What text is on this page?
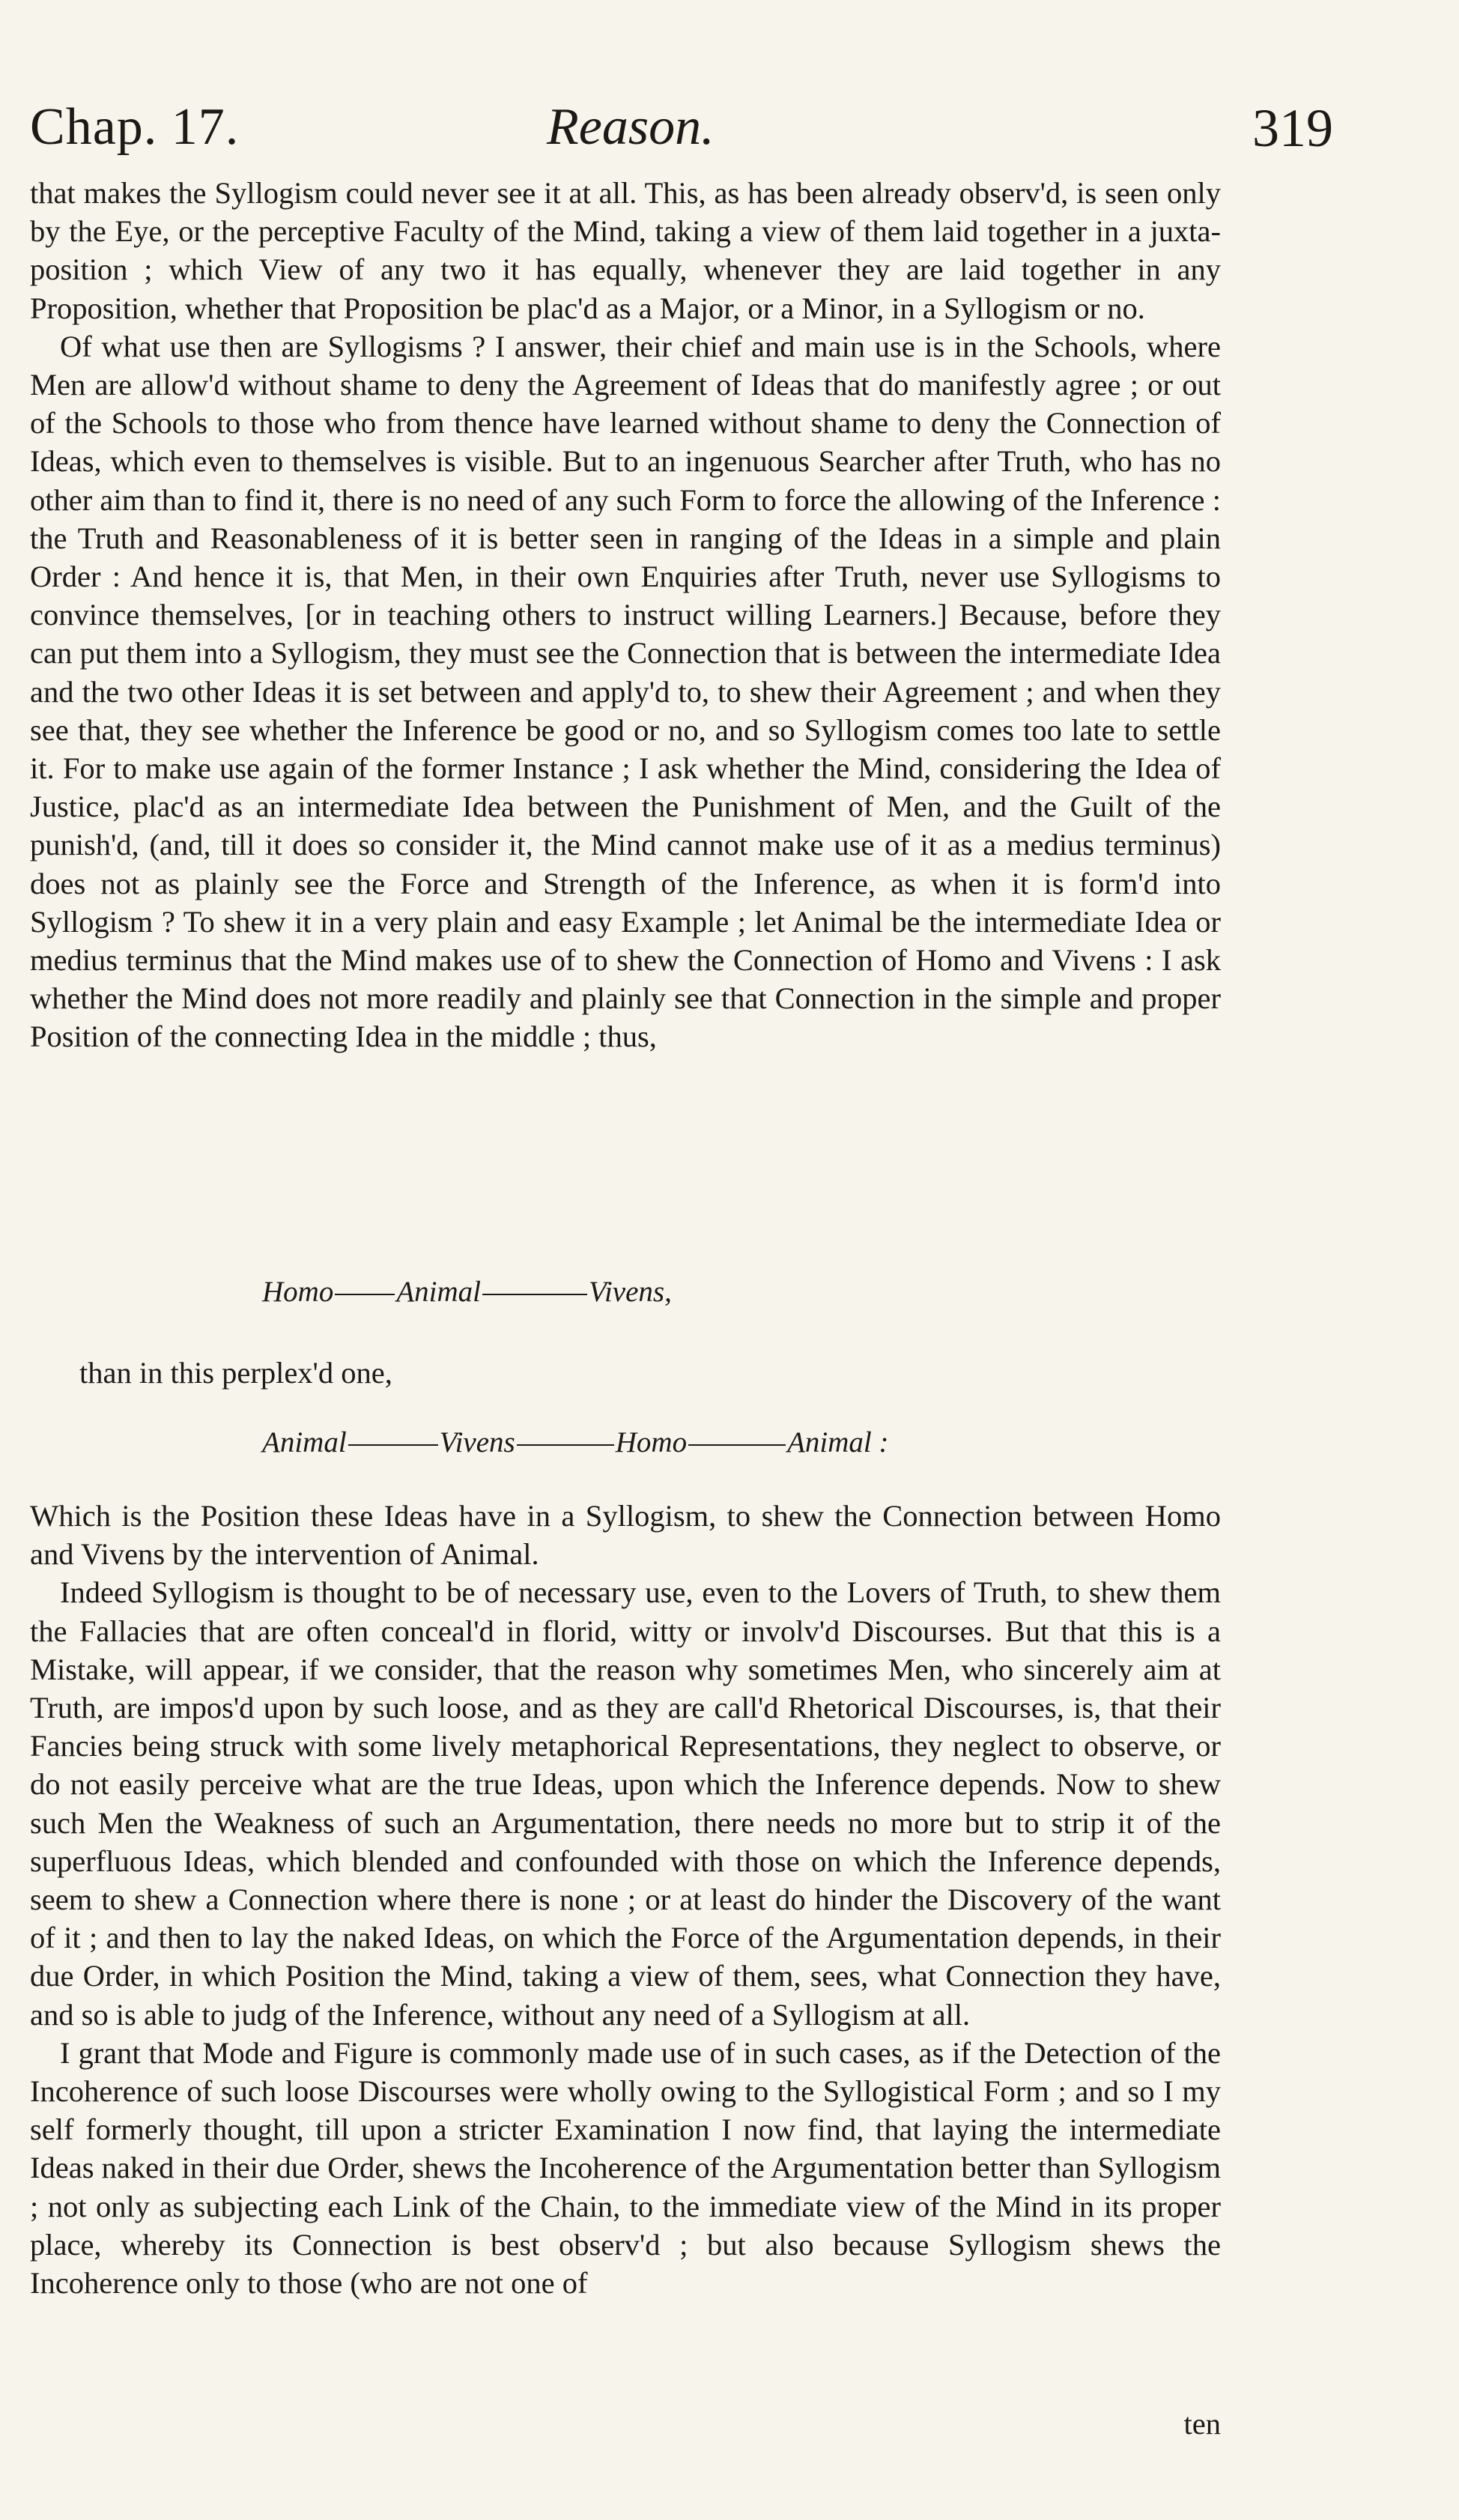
Chap. 17.	Reason.	319

that makes the Syllogism could never see it at all. This, as has been already observ'd, is seen only by the Eye, or the perceptive Faculty of the Mind, taking a view of them laid together in a juxta-position ; which View of any two it has equally, whenever they are laid together in any Proposition, whether that Proposition be plac'd as a Major, or a Minor, in a Syllogism or no.

Of what use then are Syllogisms ? I answer, their chief and main use is in the Schools, where Men are allow'd without shame to deny the Agreement of Ideas that do manifestly agree ; or out of the Schools to those who from thence have learned without shame to deny the Connection of Ideas, which even to themselves is visible. But to an ingenuous Searcher after Truth, who has no other aim than to find it, there is no need of any such Form to force the allowing of the Inference : the Truth and Reasonableness of it is better seen in ranging of the Ideas in a simple and plain Order : And hence it is, that Men, in their own Enquiries after Truth, never use Syllogisms to convince themselves, [or in teaching others to instruct willing Learners.] Because, before they can put them into a Syllogism, they must see the Connection that is between the intermediate Idea and the two other Ideas it is set between and apply'd to, to shew their Agreement ; and when they see that, they see whether the Inference be good or no, and so Syllogism comes too late to settle it. For to make use again of the former Instance ; I ask whether the Mind, considering the Idea of Justice, plac'd as an intermediate Idea between the Punishment of Men, and the Guilt of the punish'd, (and, till it does so consider it, the Mind cannot make use of it as a medius terminus) does not as plainly see the Force and Strength of the Inference, as when it is form'd into Syllogism ? To shew it in a very plain and easy Example ; let Animal be the intermediate Idea or medius terminus that the Mind makes use of to shew the Connection of Homo and Vivens : I ask whether the Mind does not more readily and plainly see that Connection in the simple and proper Position of the connecting Idea in the middle ; thus,

Homo Animal	Vivens,
than in this perplex'd one,
Animal	Vivens	Homo	Animal :

Which is the Position these Ideas have in a Syllogism, to shew the Connection between Homo and Vivens by the intervention of Animal.

Indeed Syllogism is thought to be of necessary use, even to the Lovers of Truth, to shew them the Fallacies that are often conceal'd in florid, witty or involv'd Discourses. But that this is a Mistake, will appear, if we consider, that the reason why sometimes Men, who sincerely aim at Truth, are impos'd upon by such loose, and as they are call'd Rhetorical Discourses, is, that their Fancies being struck with some lively metaphorical Representations, they neglect to observe, or do not easily perceive what are the true Ideas, upon which the Inference depends. Now to shew such Men the Weakness of such an Argumentation, there needs no more but to strip it of the superfluous Ideas, which blended and confounded with those on which the Inference depends, seem to shew a Connection where there is none ; or at least do hinder the Discovery of the want of it ; and then to lay the naked Ideas, on which the Force of the Argumentation depends, in their due Order, in which Position the Mind, taking a view of them, sees, what Connection they have, and so is able to judg of the Inference, without any need of a Syllogism at all.

I grant that Mode and Figure is commonly made use of in such cases, as if the Detection of the Incoherence of such loose Discourses were wholly owing to the Syllogistical Form ; and so I my self formerly thought, till upon a stricter Examination I now find, that laying the intermediate Ideas naked in their due Order, shews the Incoherence of the Argumentation better than Syllogism ; not only as subjecting each Link of the Chain, to the immediate view of the Mind in its proper place, whereby its Connection is best observ'd ; but also because Syllogism shews the Incoherence only to those (who are not one of

ten
